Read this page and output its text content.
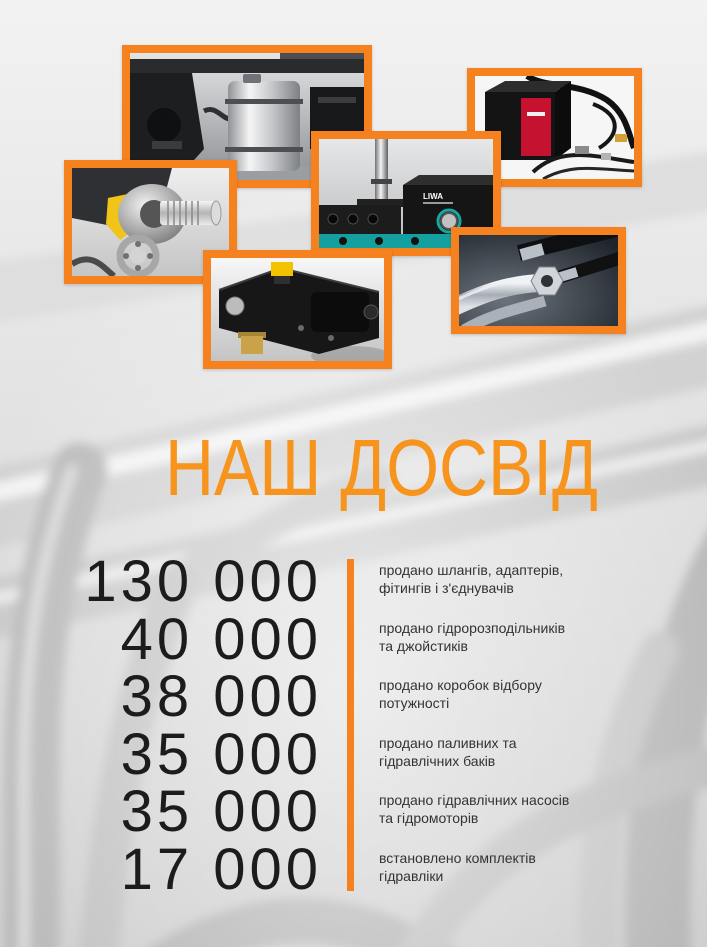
LIWA
НАШ ДОСВІД
130 000
40 000
38 000
35 000
35 000
17 000
продано шлангів, адаптерів,
фітингів і з'єднувачів
продано гідророзподільників
та джойстиків
продано коробок відбору
потужності
продано паливних та
гідравлічних баків
продано гідравлічних насосів
та гідромоторів
встановлено комплектів
гідравліки
